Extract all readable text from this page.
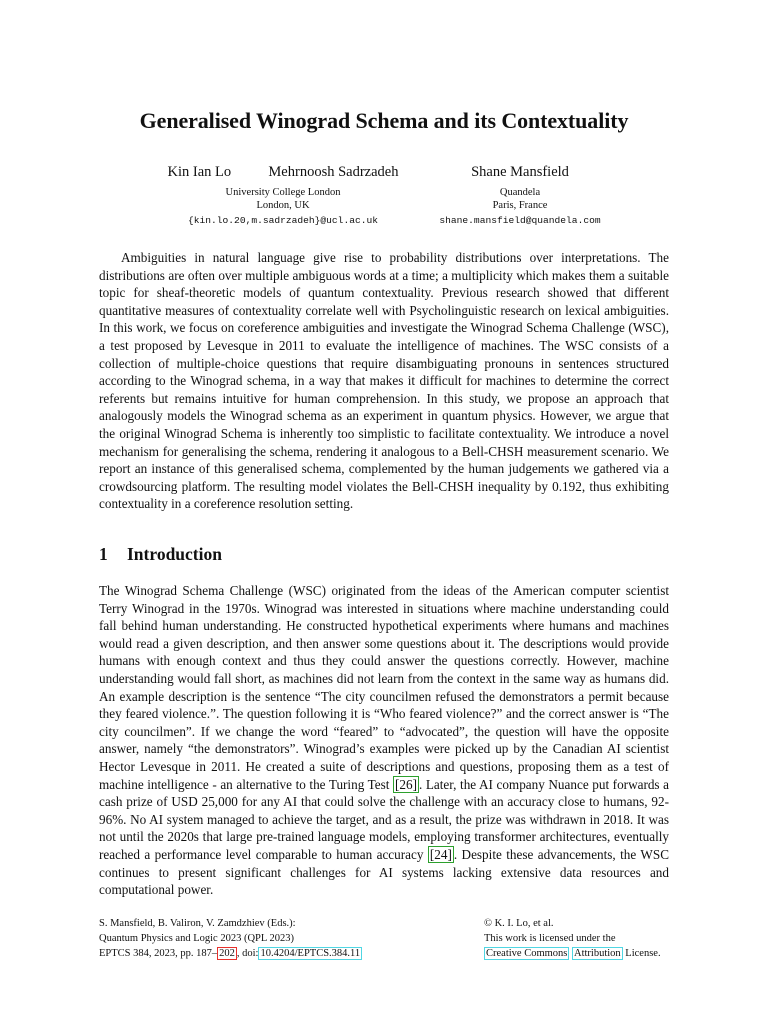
Generalised Winograd Schema and its Contextuality
Kin Ian Lo	Mehrnoosh Sadrzadeh
University College London
London, UK
{kin.lo.20,m.sadrzadeh}@ucl.ac.uk
Shane Mansfield
Quandela
Paris, France
shane.mansfield@quandela.com
Ambiguities in natural language give rise to probability distributions over interpretations. The distributions are often over multiple ambiguous words at a time; a multiplicity which makes them a suitable topic for sheaf-theoretic models of quantum contextuality. Previous research showed that different quantitative measures of contextuality correlate well with Psycholinguistic research on lexical ambiguities. In this work, we focus on coreference ambiguities and investigate the Winograd Schema Challenge (WSC), a test proposed by Levesque in 2011 to evaluate the intelligence of machines. The WSC consists of a collection of multiple-choice questions that require disambiguating pronouns in sentences structured according to the Winograd schema, in a way that makes it difficult for machines to determine the correct referents but remains intuitive for human comprehension. In this study, we propose an approach that analogously models the Winograd schema as an experiment in quantum physics. However, we argue that the original Winograd Schema is inherently too simplistic to facilitate contextuality. We introduce a novel mechanism for generalising the schema, rendering it analogous to a Bell-CHSH measurement scenario. We report an instance of this generalised schema, complemented by the human judgements we gathered via a crowdsourcing platform. The resulting model violates the Bell-CHSH inequality by 0.192, thus exhibiting contextuality in a coreference resolution setting.
1 Introduction
The Winograd Schema Challenge (WSC) originated from the ideas of the American computer scientist Terry Winograd in the 1970s. Winograd was interested in situations where machine understanding could fall behind human understanding. He constructed hypothetical experiments where humans and machines would read a given description, and then answer some questions about it. The descriptions would provide humans with enough context and thus they could answer the questions correctly. However, machine understanding would fall short, as machines did not learn from the context in the same way as humans did. An example description is the sentence “The city councilmen refused the demonstrators a permit because they feared violence.”. The question following it is “Who feared violence?” and the correct answer is “The city councilmen”. If we change the word “feared” to “advocated”, the question will have the opposite answer, namely “the demonstrators”. Winograd’s examples were picked up by the Canadian AI scientist Hector Levesque in 2011. He created a suite of descriptions and questions, proposing them as a test of machine intelligence - an alternative to the Turing Test [26] . Later, the AI company Nuance put forwards a cash prize of USD 25,000 for any AI that could solve the challenge with an accuracy close to humans, 92-96%. No AI system managed to achieve the target, and as a result, the prize was withdrawn in 2018. It was not until the 2020s that large pre-trained language models, employing transformer architectures, eventually reached a performance level comparable to human accuracy [24] . Despite these advancements, the WSC continues to present significant challenges for AI systems lacking extensive data resources and computational power.
S. Mansfield, B. Valiron, V. Zamdzhiev (Eds.):
Quantum Physics and Logic 2023 (QPL 2023)
EPTCS 384, 2023, pp. 187– 202 , doi: 10.4204/EPTCS.384.11
© K. I. Lo, et al.
This work is licensed under the
Creative Commons Attribution License.
